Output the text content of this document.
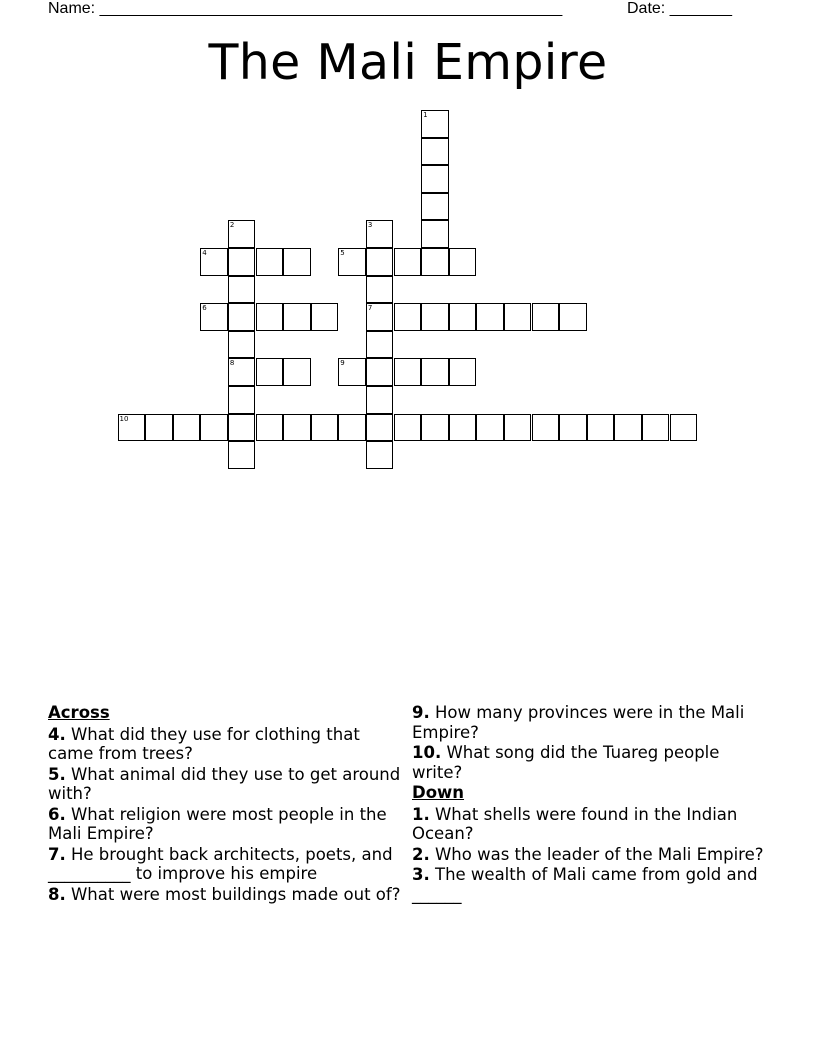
Name: ____________________________________________________	Date: _______
The Mali Empire
1
2
8
3
7
4	5
6
9
10
Across
4. What did they use for clothing that came from trees?
5. What animal did they use to get around with?
6. What religion were most people in the Mali Empire?
7. He brought back architects, poets, and __________ to improve his empire
8. What were most buildings made out of?
9. How many provinces were in the Mali Empire?
10. What song did the Tuareg people write?
Down
1. What shells were found in the Indian Ocean?
2. Who was the leader of the Mali Empire?
3. The wealth of Mali came from gold and ______
